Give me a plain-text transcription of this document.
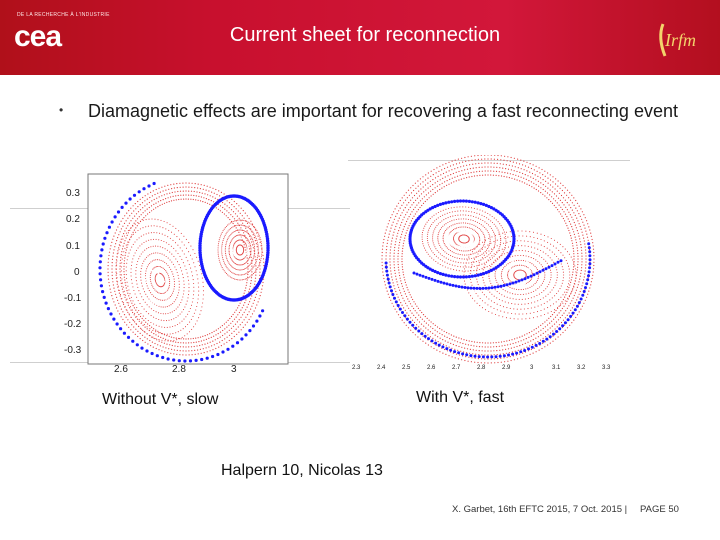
DE LA RECHERCHE À L'INDUSTRIE
cea	Current sheet for reconnection	Irfm
• Diamagnetic effects are important for recovering a fast reconnecting event
0.3
0.2
0.1
0
-0.1
-0.2
-0.3
2.6	2.8	3	2.3	2.4	2.5	2.6	2.7	2.8	2.9	3	3.1	3.2	3.3
Without V*, slow	With V*, fast
Halpern 10, Nicolas 13
X. Garbet, 16th EFTC 2015, 7 Oct. 2015 | PAGE 50
